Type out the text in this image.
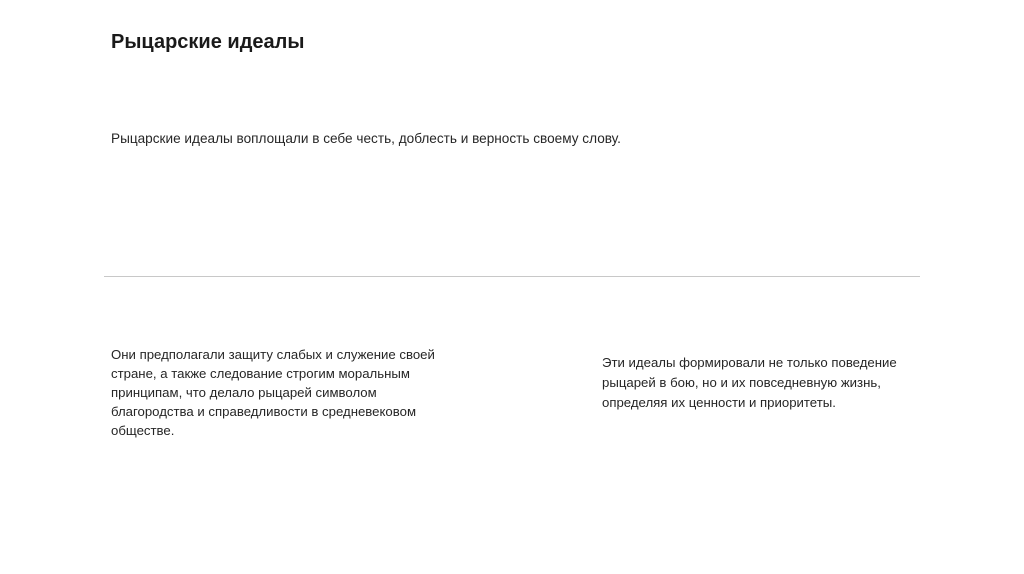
Рыцарские идеалы

Рыцарские идеалы воплощали в себе честь, доблесть и верность своему слову.

Они предполагали защиту слабых и служение своей стране, а также следование строгим моральным принципам, что делало рыцарей символом благородства и справедливости в средневековом обществе.

Эти идеалы формировали не только поведение рыцарей в бою, но и их повседневную жизнь, определяя их ценности и приоритеты.
